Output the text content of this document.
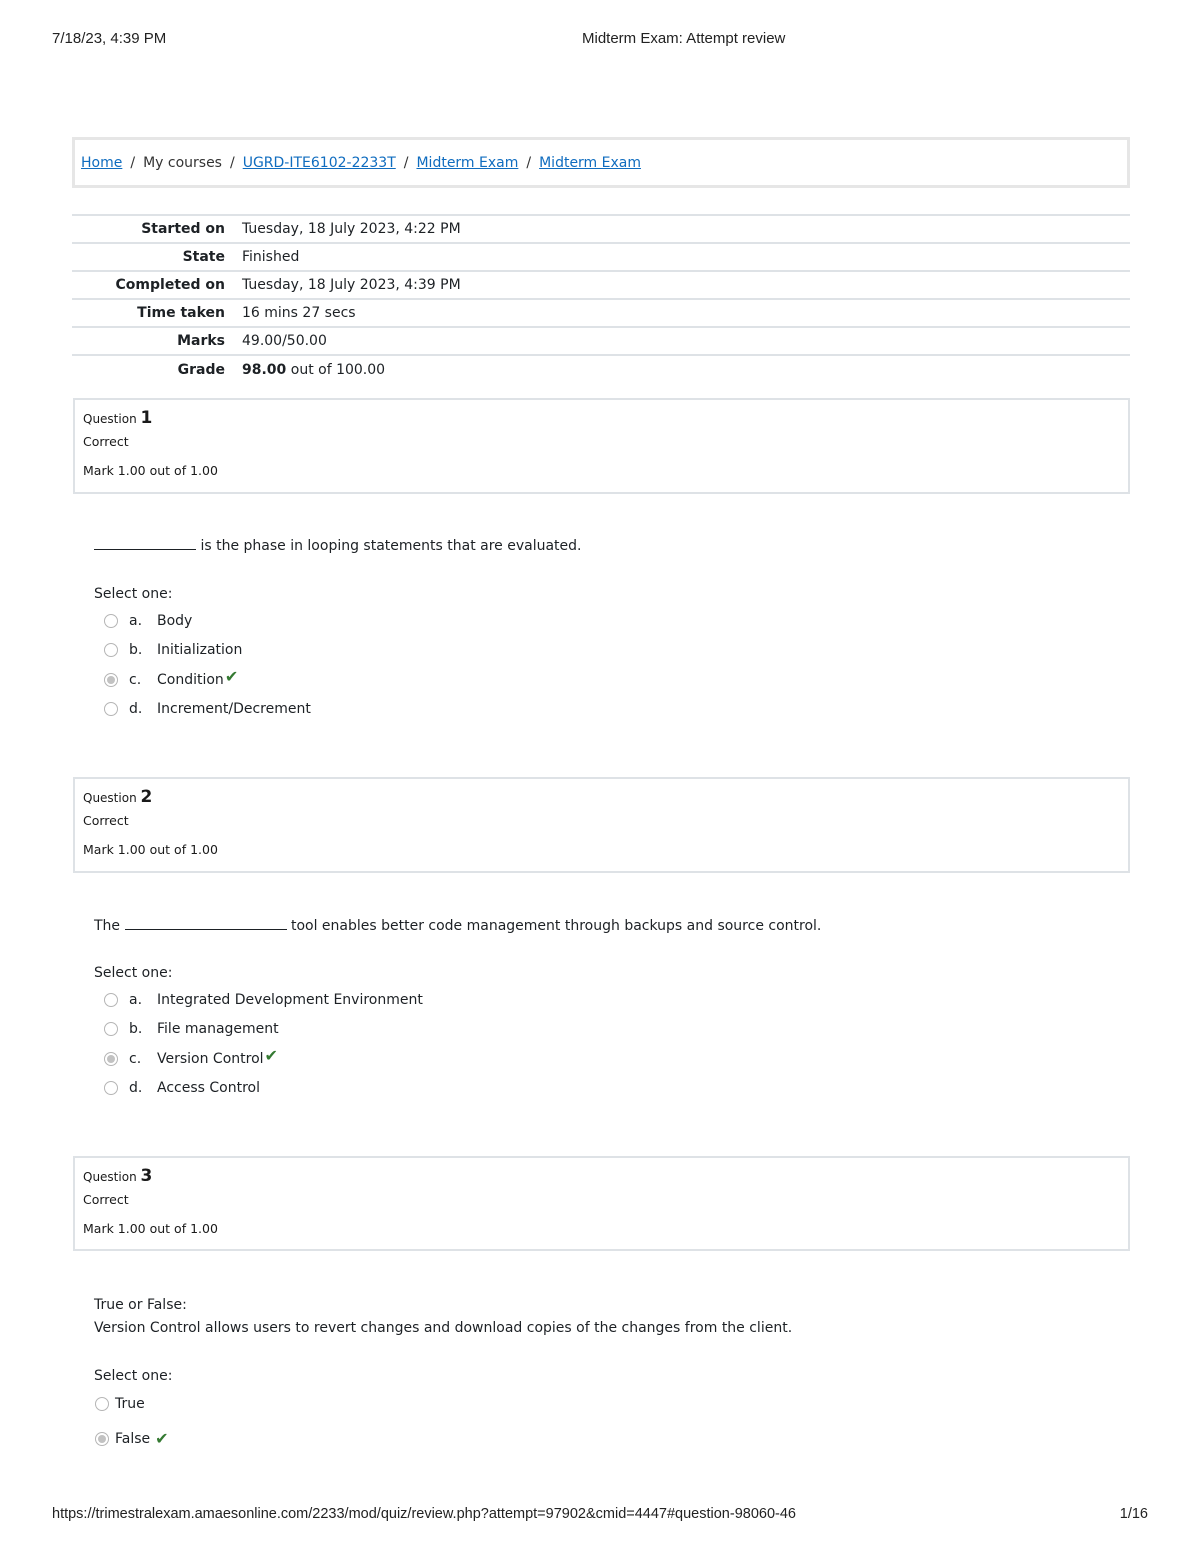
7/18/23, 4:39 PM	Midterm Exam: Attempt review
Home / My courses / UGRD-ITE6102-2233T / Midterm Exam / Midterm Exam
Started on	Tuesday, 18 July 2023, 4:22 PM
State	Finished
Completed on	Tuesday, 18 July 2023, 4:39 PM
Time taken	16 mins 27 secs
Marks	49.00/50.00
Grade	98.00 out of 100.00
Question 1
Correct
Mark 1.00 out of 1.00
is the phase in looping statements that are evaluated.
Select one:
a.	Body
b.	Initialization
c.	Condition ✔
d.	Increment/Decrement
Question 2
Correct
Mark 1.00 out of 1.00
The	tool enables better code management through backups and source control.
Select one:
a.	Integrated Development Environment
b.	File management
c.	Version Control ✔
d.	Access Control
Question 3
Correct
Mark 1.00 out of 1.00
True or False:
Version Control allows users to revert changes and download copies of the changes from the client.
Select one:
True
False ✔
https://trimestralexam.amaesonline.com/2233/mod/quiz/review.php?attempt=97902&cmid=4447#question-98060-46	1/16
